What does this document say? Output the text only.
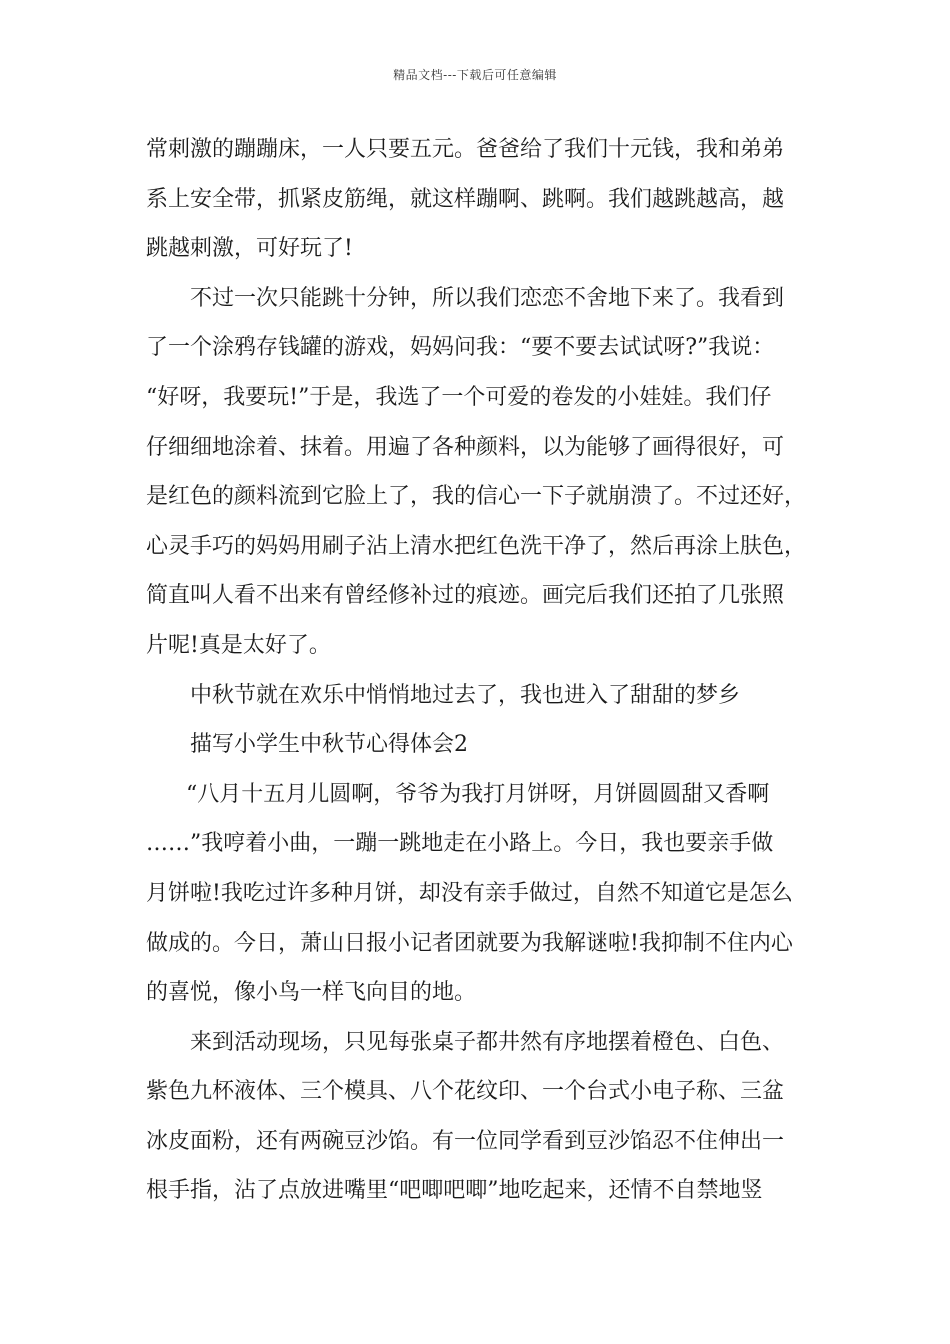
精品文档---下载后可任意编辑
常刺激的蹦蹦床，一人只要五元。爸爸给了我们十元钱，我和弟弟
系上安全带，抓紧皮筋绳，就这样蹦啊、跳啊。我们越跳越高，越
跳越刺激，可好玩了!
不过一次只能跳十分钟，所以我们恋恋不舍地下来了。我看到
了一个涂鸦存钱罐的游戏，妈妈问我：“要不要去试试呀?”我说：
“好呀，我要玩!”于是，我选了一个可爱的卷发的小娃娃。我们仔
仔细细地涂着、抹着。用遍了各种颜料，以为能够了画得很好，可
是红色的颜料流到它脸上了，我的信心一下子就崩溃了。不过还好，
心灵手巧的妈妈用刷子沾上清水把红色洗干净了，然后再涂上肤色，
简直叫人看不出来有曾经修补过的痕迹。画完后我们还拍了几张照
片呢!真是太好了。
中秋节就在欢乐中悄悄地过去了，我也进入了甜甜的梦乡
描写小学生中秋节心得体会2
“八月十五月儿圆啊，爷爷为我打月饼呀，月饼圆圆甜又香啊
……”我哼着小曲，一蹦一跳地走在小路上。今日，我也要亲手做
月饼啦!我吃过许多种月饼，却没有亲手做过，自然不知道它是怎么
做成的。今日，萧山日报小记者团就要为我解谜啦!我抑制不住内心
的喜悦，像小鸟一样飞向目的地。
来到活动现场，只见每张桌子都井然有序地摆着橙色、白色、
紫色九杯液体、三个模具、八个花纹印、一个台式小电子称、三盆
冰皮面粉，还有两碗豆沙馅。有一位同学看到豆沙馅忍不住伸出一
根手指，沾了点放进嘴里“吧唧吧唧”地吃起来，还情不自禁地竖
